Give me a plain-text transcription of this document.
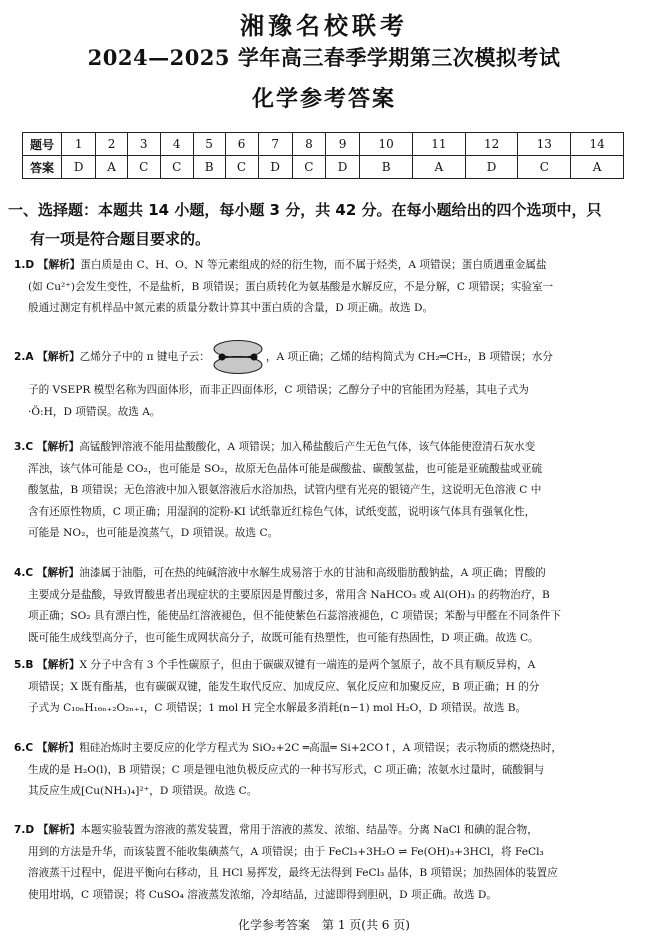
湘豫名校联考
2024—2025 学年高三春季学期第三次模拟考试
化学参考答案
题号	1	2	3	4	5	6	7	8	9	10	11	12	13	14
答案	D	A	C	C	B	C	D	C	D	B	A	D	C	A
一、选择题：本题共 14 小题，每小题 3 分，共 42 分。在每小题给出的四个选项中，只
有一项是符合题目要求的。
1.D 【解析】蛋白质是由 C、H、O、N 等元素组成的烃的衍生物，而不属于烃类，A 项错误；蛋白质遇重金属盐
(如 Cu²⁺)会发生变性，不是盐析，B 项错误；蛋白质转化为氨基酸是水解反应，不是分解，C 项错误；实验室一
般通过测定有机样品中氮元素的质量分数计算其中蛋白质的含量，D 项正确。故选 D。
2.A 【解析】乙烯分子中的 π 键电子云：	，A 项正确；乙烯的结构简式为 CH₂═CH₂，B 项错误；水分
子的 VSEPR 模型名称为四面体形，而非正四面体形，C 项错误；乙醇分子中的官能团为羟基，其电子式为
·Ö:H，D 项错误。故选 A。
3.C 【解析】高锰酸钾溶液不能用盐酸酸化，A 项错误；加入稀盐酸后产生无色气体，该气体能使澄清石灰水变
浑浊，该气体可能是 CO₂，也可能是 SO₂，故原无色晶体可能是碳酸盐、碳酸氢盐，也可能是亚硫酸盐或亚硫
酸氢盐，B 项错误；无色溶液中加入银氨溶液后水浴加热，试管内壁有光亮的银镜产生，这说明无色溶液 C 中
含有还原性物质，C 项正确；用湿润的淀粉-KI 试纸靠近红棕色气体，试纸变蓝，说明该气体具有强氧化性，
可能是 NO₂，也可能是溴蒸气，D 项错误。故选 C。
4.C 【解析】油漆属于油脂，可在热的纯碱溶液中水解生成易溶于水的甘油和高级脂肪酸钠盐，A 项正确；胃酸的
主要成分是盐酸，导致胃酸患者出现症状的主要原因是胃酸过多，常用含 NaHCO₃ 或 Al(OH)₃ 的药物治疗，B
项正确；SO₂ 具有漂白性，能使品红溶液褪色，但不能使紫色石蕊溶液褪色，C 项错误；苯酚与甲醛在不同条件下
既可能生成线型高分子，也可能生成网状高分子，故既可能有热塑性，也可能有热固性，D 项正确。故选 C。
5.B 【解析】X 分子中含有 3 个手性碳原子，但由于碳碳双键有一端连的是两个氢原子，故不具有顺反异构，A
项错误；X 既有酯基，也有碳碳双键，能发生取代反应、加成反应、氧化反应和加聚反应，B 项正确；H 的分
子式为 C₁₀ₙH₁₆ₙ₊₂O₂ₙ₊₁，C 项错误；1 mol H 完全水解最多消耗(n−1) mol H₂O，D 项错误。故选 B。
6.C 【解析】粗硅冶炼时主要反应的化学方程式为 SiO₂+2C ═高温═ Si+2CO↑，A 项错误；表示物质的燃烧热时，
生成的是 H₂O(l)，B 项错误；C 项是锂电池负极反应式的一种书写形式，C 项正确；浓氨水过量时，硫酸铜与
其反应生成[Cu(NH₃)₄]²⁺，D 项错误。故选 C。
7.D 【解析】本题实验装置为溶液的蒸发装置，常用于溶液的蒸发、浓缩、结晶等。分离 NaCl 和碘的混合物，
用到的方法是升华，而该装置不能收集碘蒸气，A 项错误；由于 FeCl₃+3H₂O ⇌ Fe(OH)₃+3HCl，将 FeCl₃
溶液蒸干过程中，促进平衡向右移动，且 HCl 易挥发，最终无法得到 FeCl₃ 晶体，B 项错误；加热固体的装置应
使用坩埚，C 项错误；将 CuSO₄ 溶液蒸发浓缩，冷却结晶，过滤即得到胆矾，D 项正确。故选 D。
化学参考答案　第 1 页(共 6 页)
